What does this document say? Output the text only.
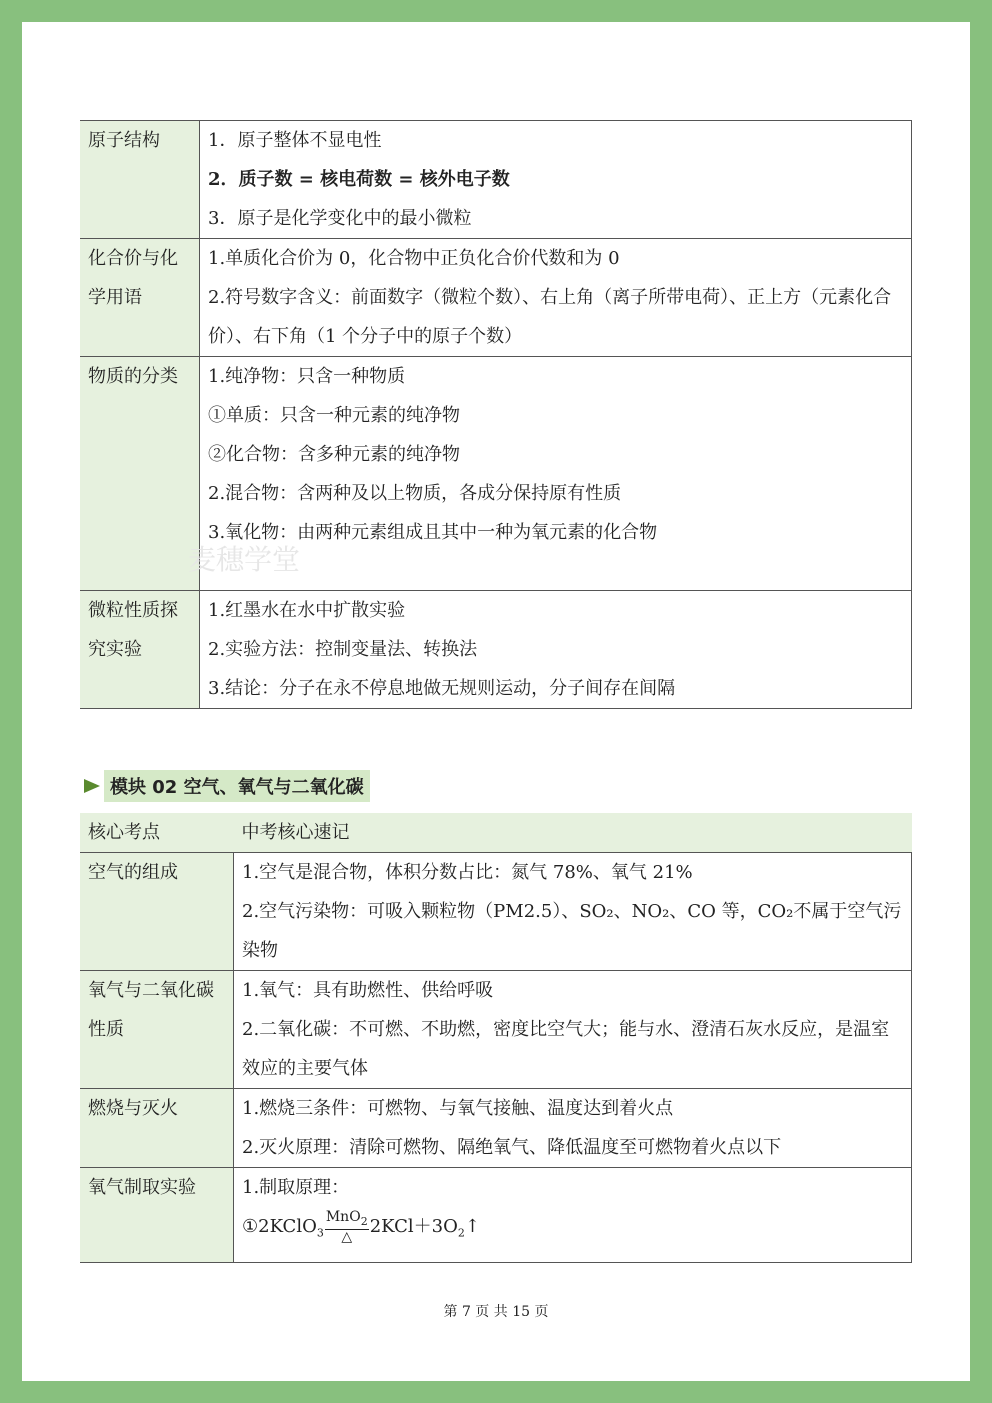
原子结构	1．原子整体不显电性
2．质子数 = 核电荷数 = 核外电子数
3．原子是化学变化中的最小微粒

化合价与化学用语	1.单质化合价为 0，化合物中正负化合价代数和为 0
2.符号数字含义：前面数字（微粒个数）、右上角（离子所带电荷）、正上方（元素化合价）、右下角（1 个分子中的原子个数）

物质的分类	1.纯净物：只含一种物质
①单质：只含一种元素的纯净物
②化合物：含多种元素的纯净物
2.混合物：含两种及以上物质，各成分保持原有性质
3.氧化物：由两种元素组成且其中一种为氧元素的化合物

微粒性质探究实验	1.红墨水在水中扩散实验
2.实验方法：控制变量法、转换法
3.结论：分子在永不停息地做无规则运动，分子间存在间隔
麦穗学堂
模块 02 空气、氧气与二氧化碳
核心考点	中考核心速记
空气的组成	1.空气是混合物，体积分数占比：氮气 78%、氧气 21%
2.空气污染物：可吸入颗粒物（PM2.5）、SO₂、NO₂、CO 等，CO₂不属于空气污染物

氧气与二氧化碳性质	1.氧气：具有助燃性、供给呼吸
2.二氧化碳：不可燃、不助燃，密度比空气大；能与水、澄清石灰水反应，是温室效应的主要气体

燃烧与灭火	1.燃烧三条件：可燃物、与氧气接触、温度达到着火点
2.灭火原理：清除可燃物、隔绝氧气、降低温度至可燃物着火点以下

氧气制取实验	1.制取原理：
①2KClO$_3$
MnO$_2$
△ $2KCl+3O_2↑$
第 7 页 共 15 页
